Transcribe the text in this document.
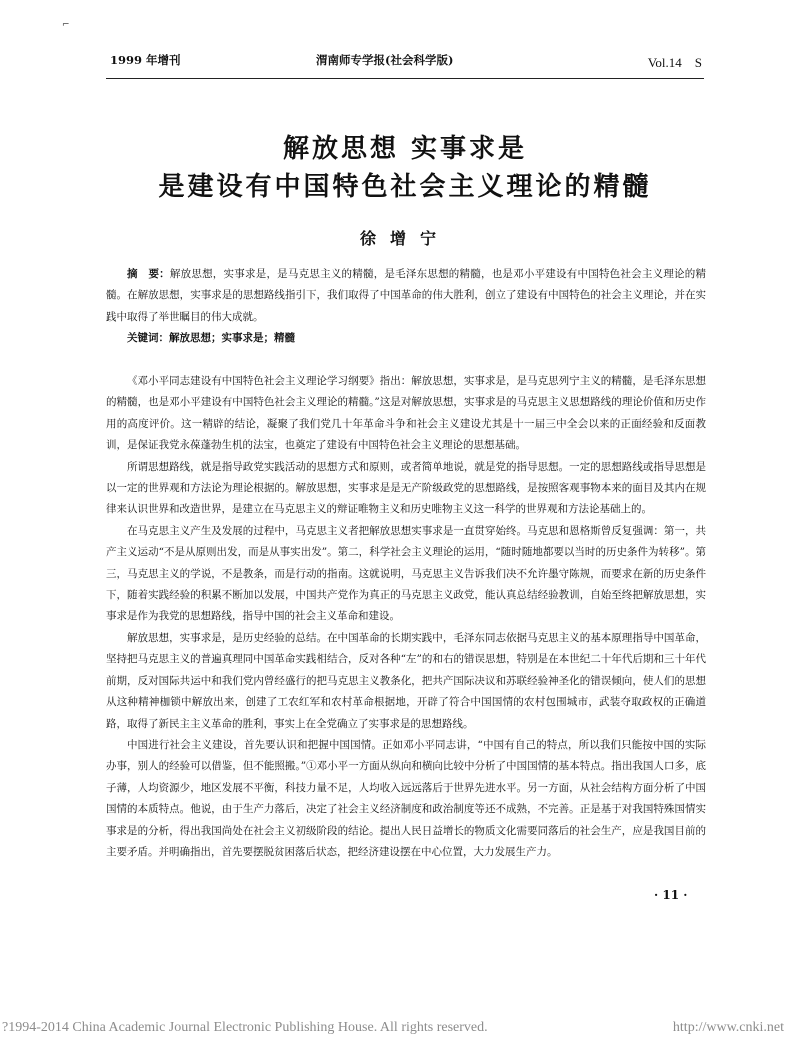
⌐
1999 年增刊	渭南师专学报(社会科学版)	Vol.14　S
解放思想 实事求是
是建设有中国特色社会主义理论的精髓
徐增宁

摘　要：解放思想，实事求是，是马克思主义的精髓，是毛泽东思想的精髓，也是邓小平建设有中国特色社会主义理论的精髓。在解放思想，实事求是的思想路线指引下，我们取得了中国革命的伟大胜利，创立了建设有中国特色的社会主义理论，并在实践中取得了举世瞩目的伟大成就。

关键词：解放思想；实事求是；精髓

《邓小平同志建设有中国特色社会主义理论学习纲要》指出：解放思想，实事求是，是马克思列宁主义的精髓，是毛泽东思想的精髓，也是邓小平建设有中国特色社会主义理论的精髓。”这是对解放思想，实事求是的马克思主义思想路线的理论价值和历史作用的高度评价。这一精辟的结论，凝聚了我们党几十年革命斗争和社会主义建设尤其是十一届三中全会以来的正面经验和反面教训，是保证我党永葆蓬勃生机的法宝，也奠定了建设有中国特色社会主义理论的思想基础。

所谓思想路线，就是指导政党实践活动的思想方式和原则，或者简单地说，就是党的指导思想。一定的思想路线或指导思想是以一定的世界观和方法论为理论根据的。解放思想，实事求是是无产阶级政党的思想路线，是按照客观事物本来的面目及其内在规律来认识世界和改造世界，是建立在马克思主义的辩证唯物主义和历史唯物主义这一科学的世界观和方法论基础上的。

在马克思主义产生及发展的过程中，马克思主义者把解放思想实事求是一直贯穿始终。马克思和恩格斯曾反复强调：第一，共产主义运动“不是从原则出发，而是从事实出发”。第二，科学社会主义理论的运用，“随时随地都要以当时的历史条件为转移”。第三，马克思主义的学说，不是教条，而是行动的指南。这就说明，马克思主义告诉我们决不允许墨守陈规，而要求在新的历史条件下，随着实践经验的积累不断加以发展，中国共产党作为真正的马克思主义政党，能认真总结经验教训，自始至终把解放思想，实事求是作为我党的思想路线，指导中国的社会主义革命和建设。

解放思想，实事求是，是历史经验的总结。在中国革命的长期实践中，毛泽东同志依据马克思主义的基本原理指导中国革命，坚持把马克思主义的普遍真理同中国革命实践相结合，反对各种“左”的和右的错误思想，特别是在本世纪二十年代后期和三十年代前期，反对国际共运中和我们党内曾经盛行的把马克思主义教条化，把共产国际决议和苏联经验神圣化的错误倾向，使人们的思想从这种精神枷锁中解放出来，创建了工农红军和农村革命根据地，开辟了符合中国国情的农村包围城市，武装夺取政权的正确道路，取得了新民主主义革命的胜利，事实上在全党确立了实事求是的思想路线。

中国进行社会主义建设，首先要认识和把握中国国情。正如邓小平同志讲，“中国有自己的特点，所以我们只能按中国的实际办事，别人的经验可以借鉴，但不能照搬。”①邓小平一方面从纵向和横向比较中分析了中国国情的基本特点。指出我国人口多，底子薄，人均资源少，地区发展不平衡，科技力量不足，人均收入远远落后于世界先进水平。另一方面，从社会结构方面分析了中国国情的本质特点。他说，由于生产力落后，决定了社会主义经济制度和政治制度等还不成熟，不完善。正是基于对我国特殊国情实事求是的分析，得出我国尚处在社会主义初级阶段的结论。提出人民日益增长的物质文化需要同落后的社会生产，应是我国目前的主要矛盾。并明确指出，首先要摆脱贫困落后状态，把经济建设摆在中心位置，大力发展生产力。

· 11 ·
?1994-2014 China Academic Journal Electronic Publishing House. All rights reserved.	http://www.cnki.net
